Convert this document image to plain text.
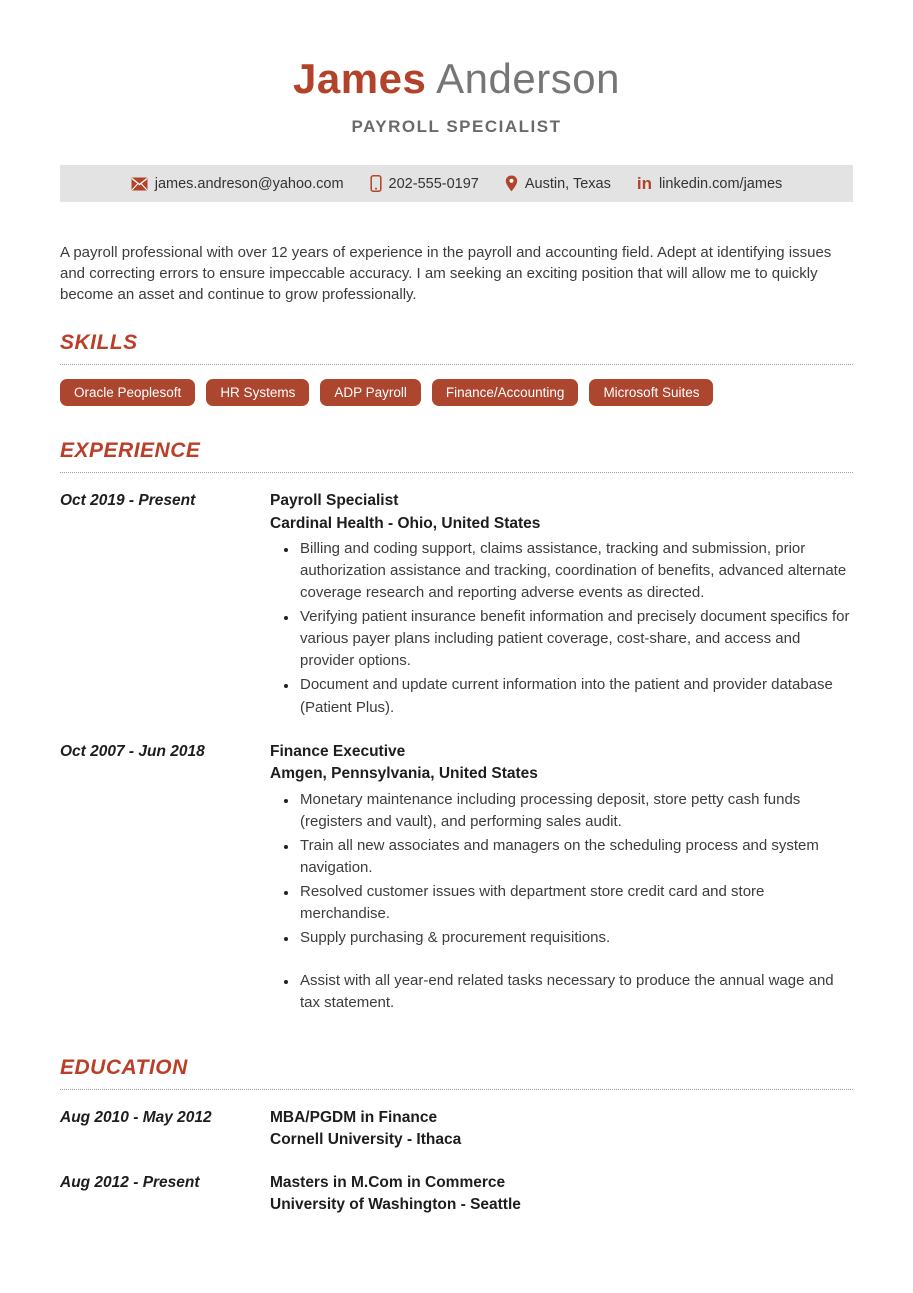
James Anderson
PAYROLL SPECIALIST
james.andreson@yahoo.com	202-555-0197	Austin, Texas in linkedin.com/james

A payroll professional with over 12 years of experience in the payroll and accounting field. Adept at identifying issues and correcting errors to ensure impeccable accuracy. I am seeking an exciting position that will allow me to quickly become an asset and continue to grow professionally.

SKILLS
Oracle Peoplesoft	HR Systems	ADP Payroll	Finance/Accounting	Microsoft Suites
EXPERIENCE
Oct 2019 - Present	Payroll Specialist
Cardinal Health - Ohio, United States
• Billing and coding support, claims assistance, tracking and submission, prior authorization assistance and tracking, coordination of benefits, advanced alternate coverage research and reporting adverse events as directed.
• Verifying patient insurance benefit information and precisely document specifics for various payer plans including patient coverage, cost-share, and access and provider options.
• Document and update current information into the patient and provider database (Patient Plus).
Oct 2007 - Jun 2018	Finance Executive
Amgen, Pennsylvania, United States
• Monetary maintenance including processing deposit, store petty cash funds (registers and vault), and performing sales audit.
• Train all new associates and managers on the scheduling process and system navigation.
• Resolved customer issues with department store credit card and store merchandise.
• Supply purchasing & procurement requisitions.
• Assist with all year-end related tasks necessary to produce the annual wage and tax statement.
EDUCATION
Aug 2010 - May 2012	MBA/PGDM in Finance
Cornell University - Ithaca
Aug 2012 - Present	Masters in M.Com in Commerce
University of Washington - Seattle
